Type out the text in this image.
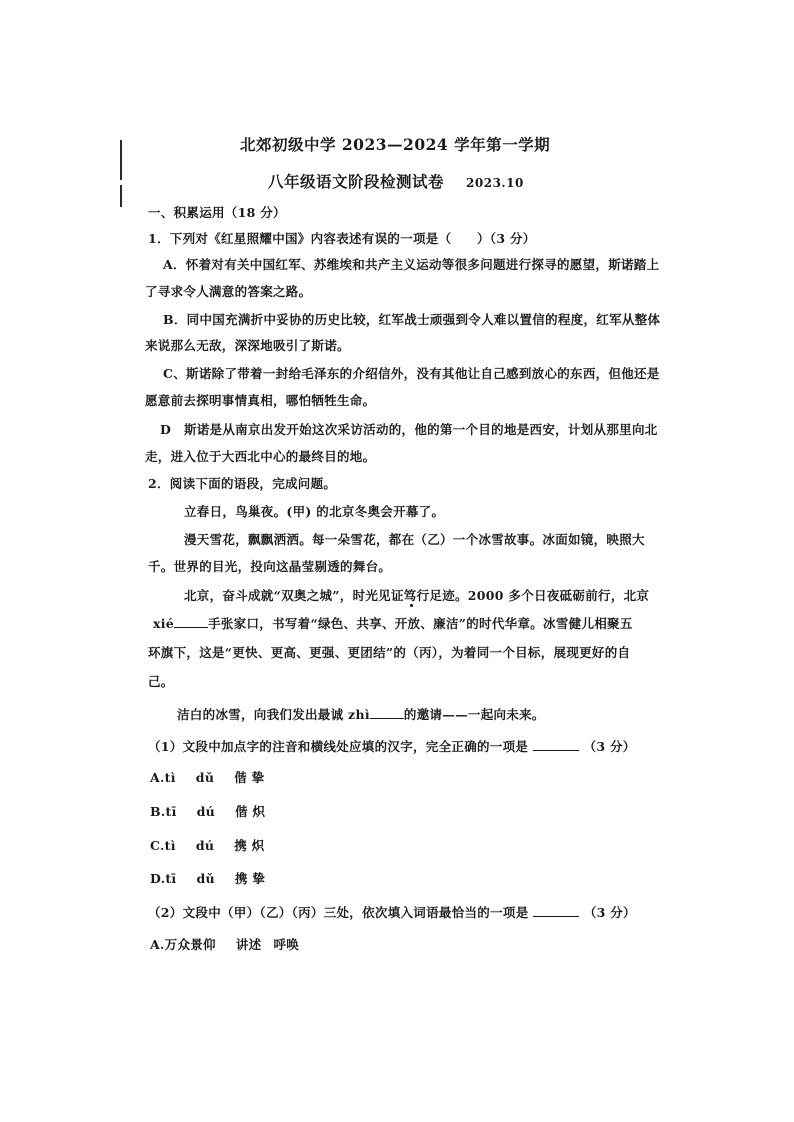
北郊初级中学 2023—2024 学年第一学期
八年级语文阶段检测试卷 2023.10
一、积累运用（18 分）
1．下列对《红星照耀中国》内容表述有误的一项是（　　）（3 分）
A．怀着对有关中国红军、苏维埃和共产主义运动等很多问题进行探寻的愿望，斯诺踏上
了寻求令人满意的答案之路。
B．同中国充满折中妥协的历史比较，红军战士顽强到令人难以置信的程度，红军从整体
来说那么无敌，深深地吸引了斯诺。
C、斯诺除了带着一封给毛泽东的介绍信外，没有其他让自己感到放心的东西，但他还是
愿意前去探明事情真相，哪怕牺牲生命。
D　斯诺是从南京出发开始这次采访活动的，他的第一个目的地是西安，计划从那里向北
走，进入位于大西北中心的最终目的地。
2．阅读下面的语段，完成问题。
立春日，鸟巢夜。(甲) 的北京冬奥会开幕了。
漫天雪花，飘飘洒洒。每一朵雪花，都在（乙）一个冰雪故事。冰面如镜，映照大
千。世界的目光，投向这晶莹剔透的舞台。
北京，奋斗成就“双奥之城”，时光见证笃行足迹。2000 多个日夜砥砺前行，北京
xié	手张家口，书写着“绿色、共享、开放、廉洁”的时代华章。冰雪健儿相聚五
环旗下，这是“更快、更高、更强、更团结”的（丙），为着同一个目标，展现更好的自
己。
洁白的冰雪，向我们发出最诚 zhì	的邀请——一起向未来。
（1）文段中加点字的注音和横线处应填的汉字，完全正确的一项是	（3 分）
A.tì dǔ 偕 挚
B.tī dú 偕 炽
C.tì dú 携 炽
D.tī dǔ 携 挚
（2）文段中（甲）（乙）（丙）三处，依次填入词语最恰当的一项是	（3 分）
A.万众景仰 讲述 呼唤
